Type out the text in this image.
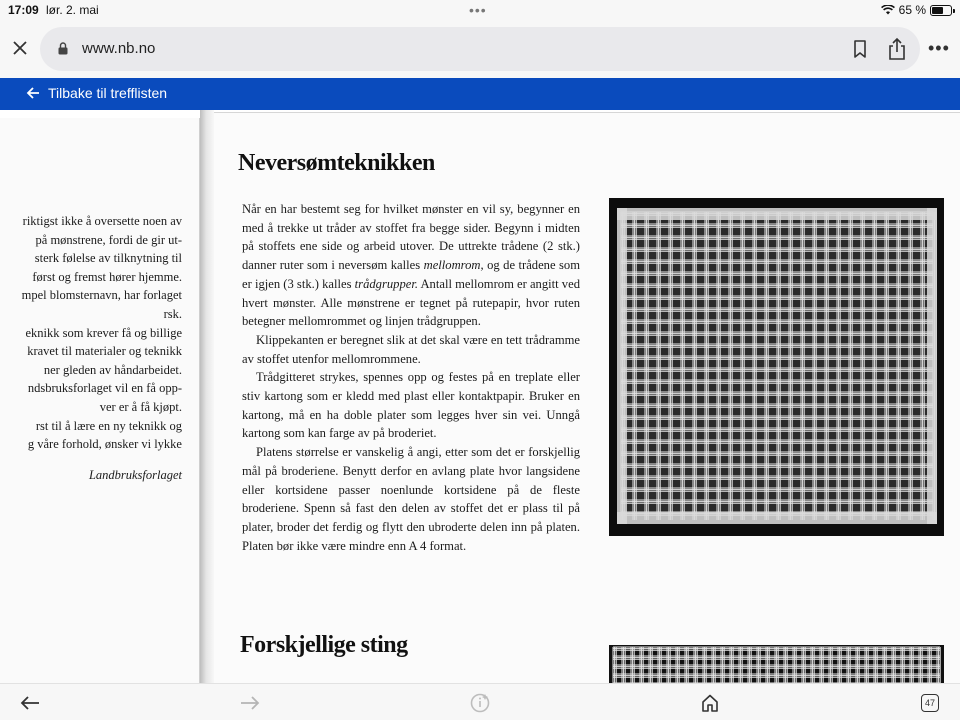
17:09 lør. 2. mai	•••	65 %
www.nb.no	•••
Tilbake til trefflisten
riktigst ikke å oversette noen av
på mønstrene, fordi de gir ut-
sterk følelse av tilknytning til
først og fremst hører hjemme.
mpel blomsternavn, har forlaget
rsk.
eknikk som krever få og billige
kravet til materialer og teknikk
ner gleden av håndarbeidet.
ndsbruksforlaget vil en få opp-
ver er å få kjøpt.
rst til å lære en ny teknikk og
g våre forhold, ønsker vi lykke
Landbruksforlaget
Neversømteknikken

Når en har bestemt seg for hvilket mønster en vil sy, begynner en med å trekke ut tråder av stoffet fra begge sider. Begynn i midten på stoffets ene side og arbeid utover. De uttrekte trådene (2 stk.) danner ruter som i neversøm kalles mellomrom, og de trådene som er igjen (3 stk.) kalles trådgrupper. Antall mellomrom er angitt ved hvert mønster. Alle mønstrene er tegnet på rutepapir, hvor ruten betegner mellomrommet og linjen trådgruppen.

Klippekanten er beregnet slik at det skal være en tett trådramme av stoffet utenfor mellomrommene.

Trådgitteret strykes, spennes opp og festes på en treplate eller stiv kartong som er kledd med plast eller kontaktpapir. Bruker en kartong, må en ha doble plater som legges hver sin vei. Unngå kartong som kan farge av på broderiet.

Platens størrelse er vanskelig å angi, etter som det er forskjellig mål på broderiene. Benytt derfor en avlang plate hvor langsidene eller kortsidene passer noenlunde kortsidene på de fleste broderiene. Spenn så fast den delen av stoffet det er plass til på plater, broder det ferdig og flytt den ubroderte delen inn på platen. Platen bør ikke være mindre enn A 4 format.

Forskjellige sting
47
